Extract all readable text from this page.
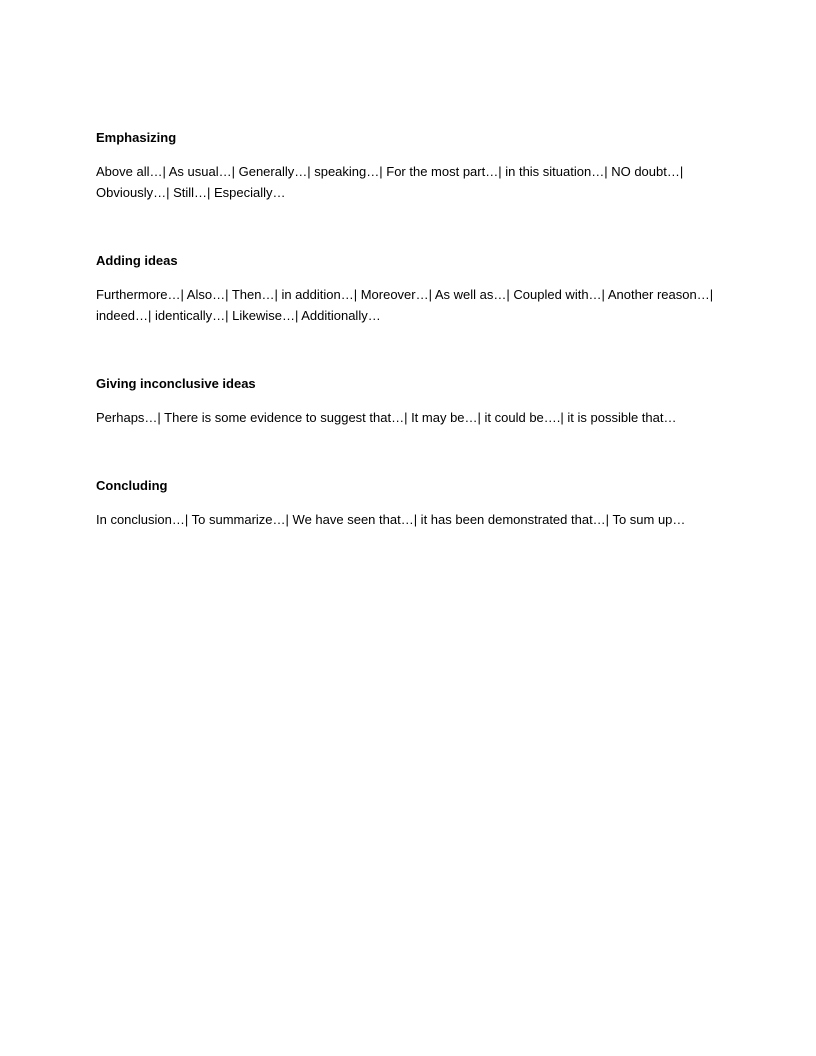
Emphasizing

Above all…| As usual…| Generally…| speaking…| For the most part…| in this situation…| NO doubt…| Obviously…| Still…| Especially…

Adding ideas

Furthermore…| Also…| Then…| in addition…| Moreover…| As well as…| Coupled with…| Another reason…| indeed…| identically…| Likewise…| Additionally…

Giving inconclusive ideas

Perhaps…| There is some evidence to suggest that…| It may be…| it could be….| it is possible that…

Concluding

In conclusion…| To summarize…| We have seen that…| it has been demonstrated that…| To sum up…
